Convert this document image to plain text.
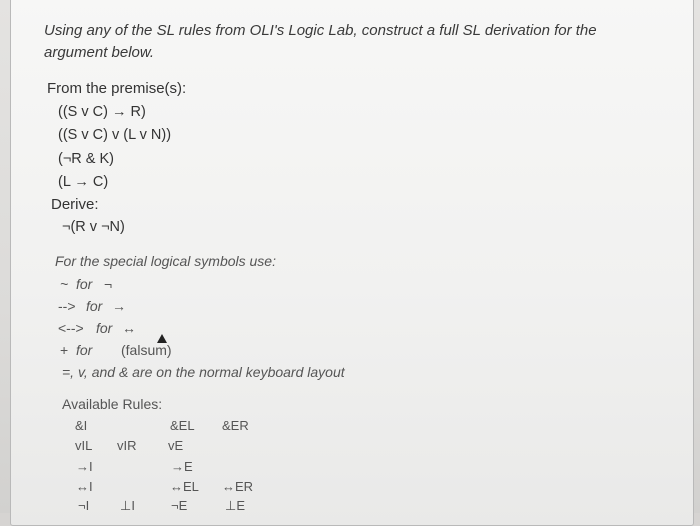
Using any of the SL rules from OLI's Logic Lab, construct a full SL derivation for the
argument below.
From the premise(s):
((S v C) → R)
((S v C) v (L v N))
(¬R & K)
(L → C)
Derive:
¬(R v ¬N)
For the special logical symbols use:
~ for ¬
--> for →
<--> for ↔
+ for (falsum)
=, v, and & are on the normal keyboard layout
Available Rules:
&I	&EL &ER
vIL vIR vE
→I	→E
↔I	↔EL ↔ER
¬I ⊥I	¬E	⊥E
